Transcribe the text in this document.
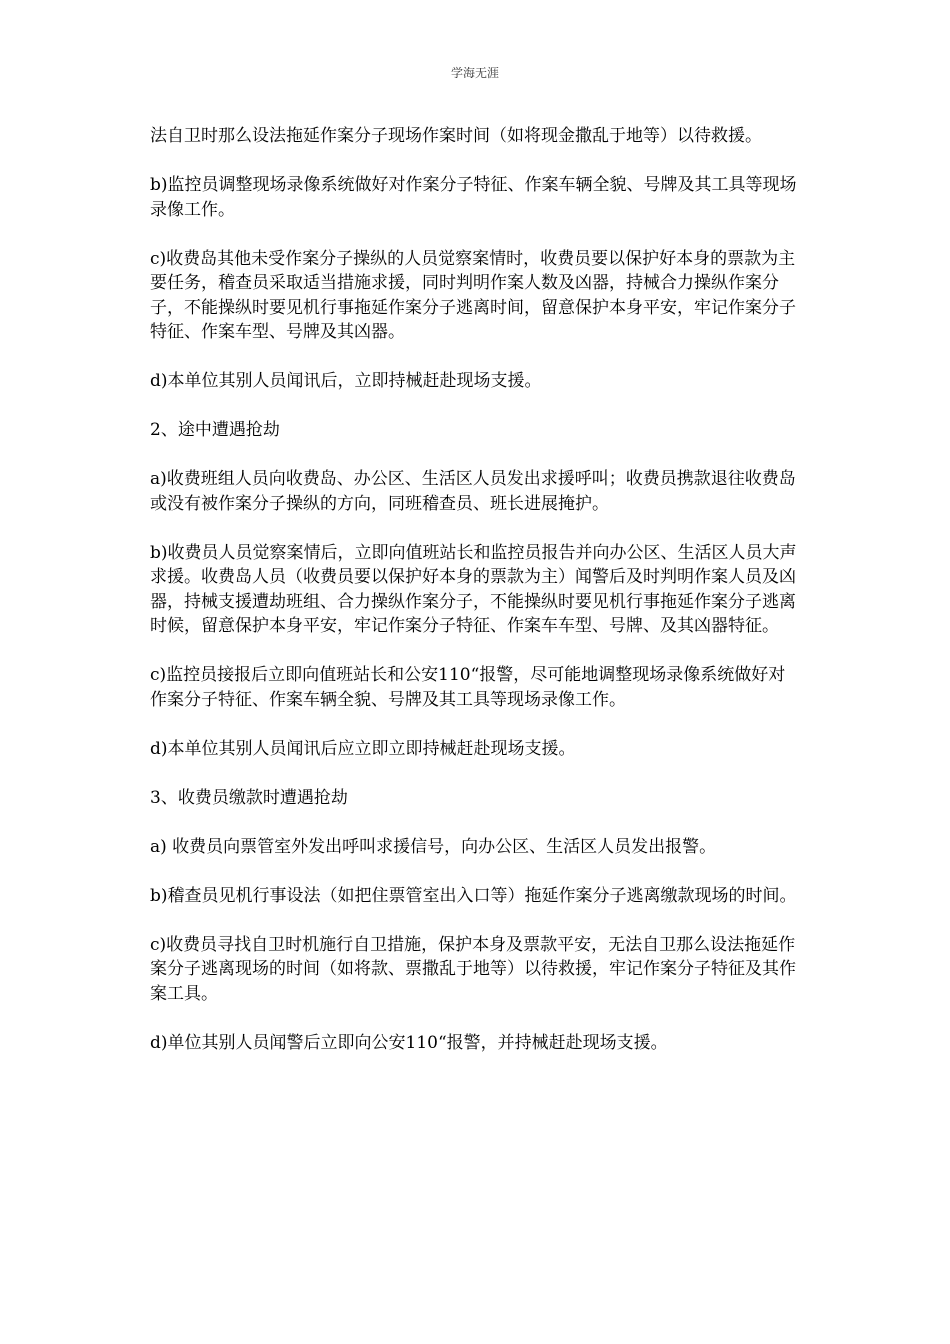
学海无涯

法自卫时那么设法拖延作案分子现场作案时间（如将现金撒乱于地等）以待救援。

b)监控员调整现场录像系统做好对作案分子特征、作案车辆全貌、号牌及其工具等现场录像工作。

c)收费岛其他未受作案分子操纵的人员觉察案情时，收费员要以保护好本身的票款为主要任务，稽查员采取适当措施求援，同时判明作案人数及凶器，持械合力操纵作案分子，不能操纵时要见机行事拖延作案分子逃离时间，留意保护本身平安，牢记作案分子特征、作案车型、号牌及其凶器。

d)本单位其别人员闻讯后，立即持械赶赴现场支援。

2、途中遭遇抢劫

a)收费班组人员向收费岛、办公区、生活区人员发出求援呼叫；收费员携款退往收费岛或没有被作案分子操纵的方向，同班稽查员、班长进展掩护。

b)收费员人员觉察案情后，立即向值班站长和监控员报告并向办公区、生活区人员大声求援。收费岛人员（收费员要以保护好本身的票款为主）闻警后及时判明作案人员及凶器，持械支援遭劫班组、合力操纵作案分子，不能操纵时要见机行事拖延作案分子逃离时候，留意保护本身平安，牢记作案分子特征、作案车车型、号牌、及其凶器特征。

c)监控员接报后立即向值班站长和公安110“报警，尽可能地调整现场录像系统做好对作案分子特征、作案车辆全貌、号牌及其工具等现场录像工作。

d)本单位其别人员闻讯后应立即立即持械赶赴现场支援。

3、收费员缴款时遭遇抢劫

a) 收费员向票管室外发出呼叫求援信号，向办公区、生活区人员发出报警。

b)稽查员见机行事设法（如把住票管室出入口等）拖延作案分子逃离缴款现场的时间。

c)收费员寻找自卫时机施行自卫措施，保护本身及票款平安，无法自卫那么设法拖延作案分子逃离现场的时间（如将款、票撒乱于地等）以待救援，牢记作案分子特征及其作案工具。

d)单位其别人员闻警后立即向公安110“报警，并持械赶赴现场支援。
